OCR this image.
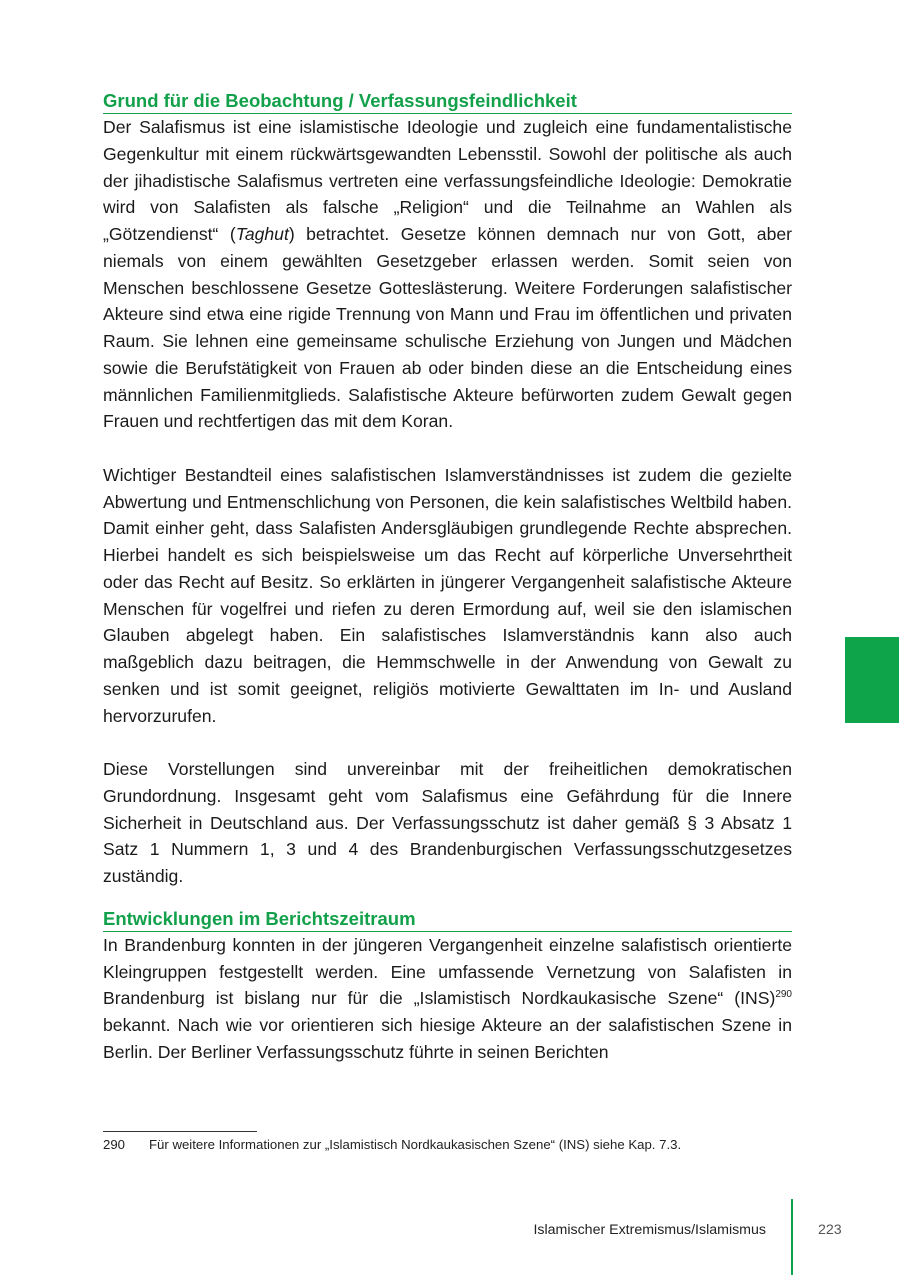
Grund für die Beobachtung / Verfassungsfeindlichkeit

Der Salafismus ist eine islamistische Ideologie und zugleich eine fundamentalistische Gegenkultur mit einem rückwärtsgewandten Lebensstil. Sowohl der politische als auch der jihadistische Salafismus vertreten eine verfassungsfeindliche Ideologie: Demokratie wird von Salafisten als falsche „Religion“ und die Teilnahme an Wahlen als „Götzendienst“ (Taghut) betrachtet. Gesetze können demnach nur von Gott, aber niemals von einem gewählten Gesetzgeber erlassen werden. Somit seien von Menschen beschlossene Gesetze Gotteslästerung. Weitere Forderungen salafistischer Akteure sind etwa eine rigide Trennung von Mann und Frau im öffentlichen und privaten Raum. Sie lehnen eine gemeinsame schulische Erziehung von Jungen und Mädchen sowie die Berufstätigkeit von Frauen ab oder binden diese an die Entscheidung eines männlichen Familienmitglieds. Salafistische Akteure befürworten zudem Gewalt gegen Frauen und rechtfertigen das mit dem Koran.

Wichtiger Bestandteil eines salafistischen Islamverständnisses ist zudem die gezielte Abwertung und Entmenschlichung von Personen, die kein salafistisches Weltbild haben. Damit einher geht, dass Salafisten Andersgläubigen grundlegende Rechte absprechen. Hierbei handelt es sich beispielsweise um das Recht auf körperliche Unversehrtheit oder das Recht auf Besitz. So erklärten in jüngerer Vergangenheit salafistische Akteure Menschen für vogelfrei und riefen zu deren Ermordung auf, weil sie den islamischen Glauben abgelegt haben. Ein salafistisches Islamverständnis kann also auch maßgeblich dazu beitragen, die Hemmschwelle in der Anwendung von Gewalt zu senken und ist somit geeignet, religiös motivierte Gewalttaten im In- und Ausland hervorzurufen.

Diese Vorstellungen sind unvereinbar mit der freiheitlichen demokratischen Grundordnung. Insgesamt geht vom Salafismus eine Gefährdung für die Innere Sicherheit in Deutschland aus. Der Verfassungsschutz ist daher gemäß § 3 Absatz 1 Satz 1 Nummern 1, 3 und 4 des Brandenburgischen Verfassungsschutzgesetzes zuständig.

Entwicklungen im Berichtszeitraum

In Brandenburg konnten in der jüngeren Vergangenheit einzelne salafistisch orientierte Kleingruppen festgestellt werden. Eine umfassende Vernetzung von Salafisten in Brandenburg ist bislang nur für die „Islamistisch Nordkaukasische Szene“ (INS)$^{290}$ bekannt. Nach wie vor orientieren sich hiesige Akteure an der salafistischen Szene in Berlin. Der Berliner Verfassungsschutz führte in seinen Berichten

290 Für weitere Informationen zur „Islamistisch Nordkaukasischen Szene“ (INS) siehe Kap. 7.3.
Islamischer Extremismus/Islamismus	223
